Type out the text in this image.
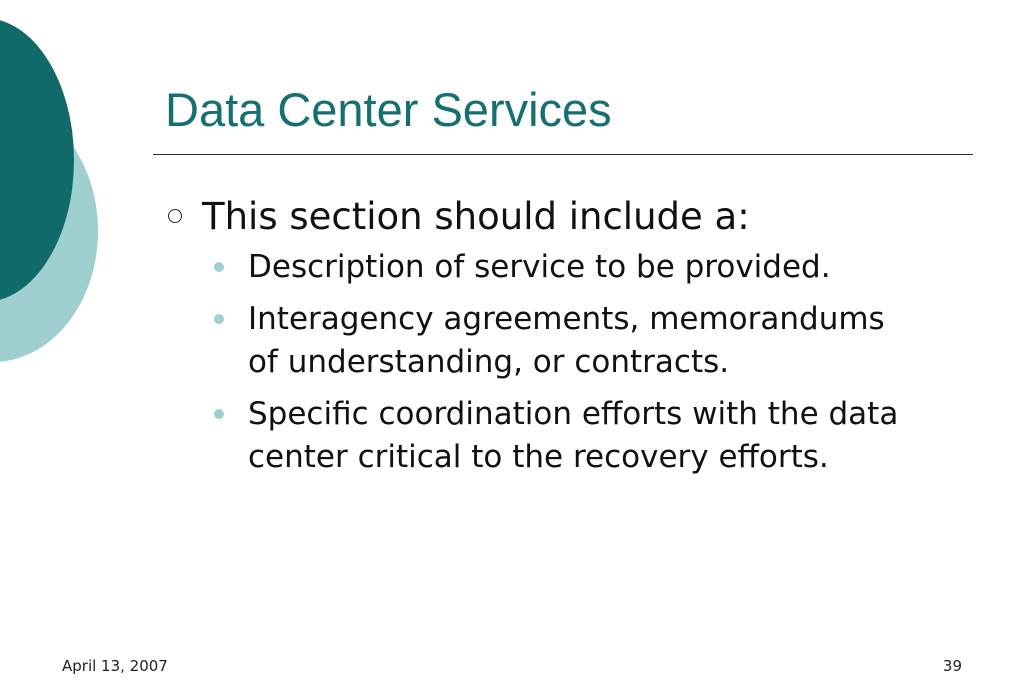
Data Center Services
This section should include a:
Description of service to be provided.
Interagency agreements, memorandums of understanding, or contracts.
Specific coordination efforts with the data center critical to the recovery efforts.
April 13, 2007	39
